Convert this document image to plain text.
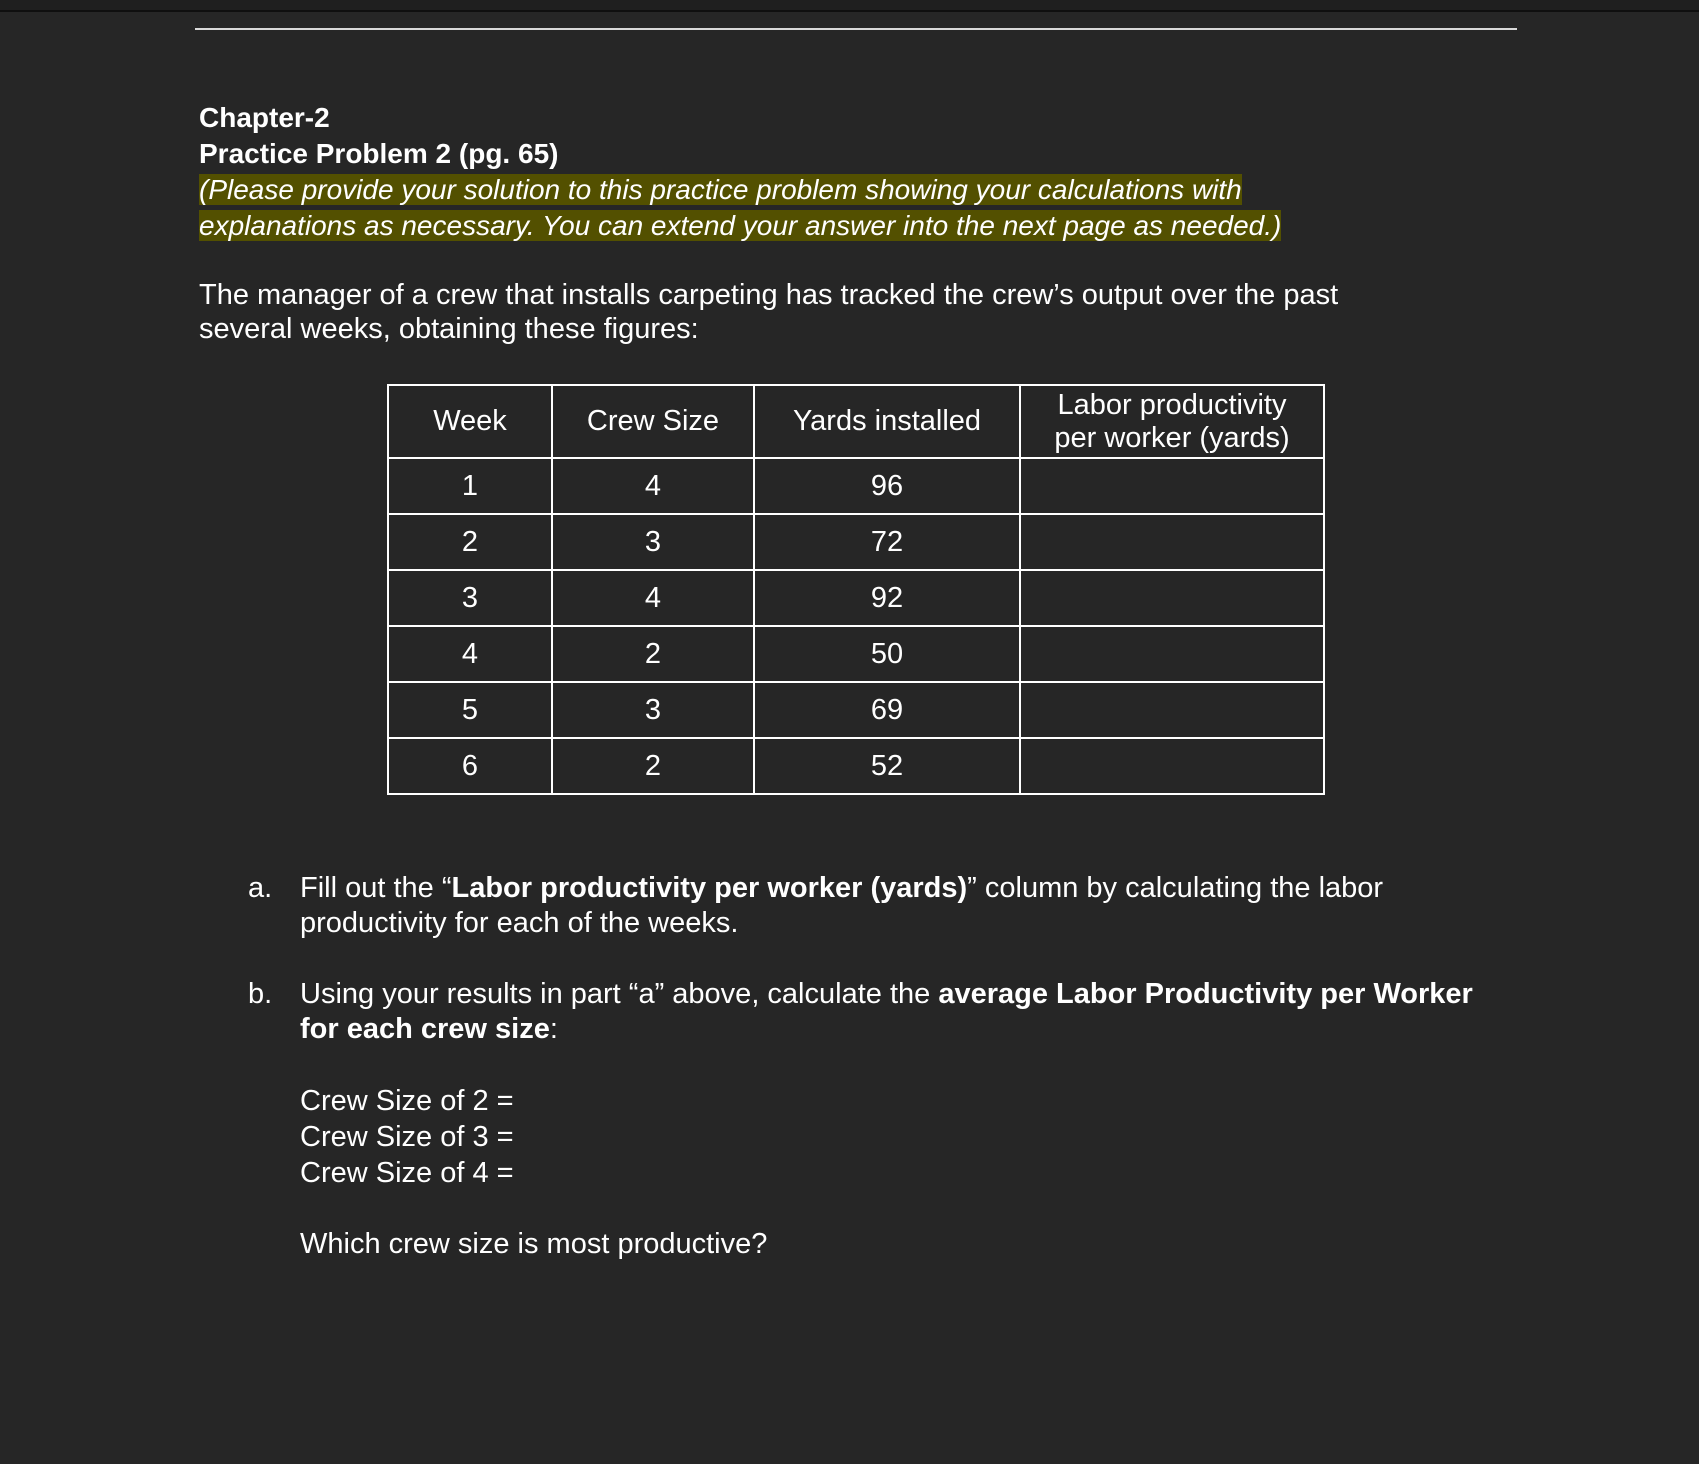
Chapter-2
Practice Problem 2 (pg. 65)
(Please provide your solution to this practice problem showing your calculations with
explanations as necessary. You can extend your answer into the next page as needed.)
The manager of a crew that installs carpeting has tracked the crew’s output over the past
several weeks, obtaining these figures:
Week	Crew Size	Yards installed	Labor productivity
per worker (yards)

1	4	96	
2	3	72	
3	4	92	
4	2	50	
5	3	69	
6	2	52	
a. Fill out the “Labor productivity per worker (yards)” column by calculating the labor productivity for each of the weeks.
b. Using your results in part “a” above, calculate the average Labor Productivity per Worker for each crew size:
Crew Size of 2 =
Crew Size of 3 =
Crew Size of 4 =
Which crew size is most productive?
